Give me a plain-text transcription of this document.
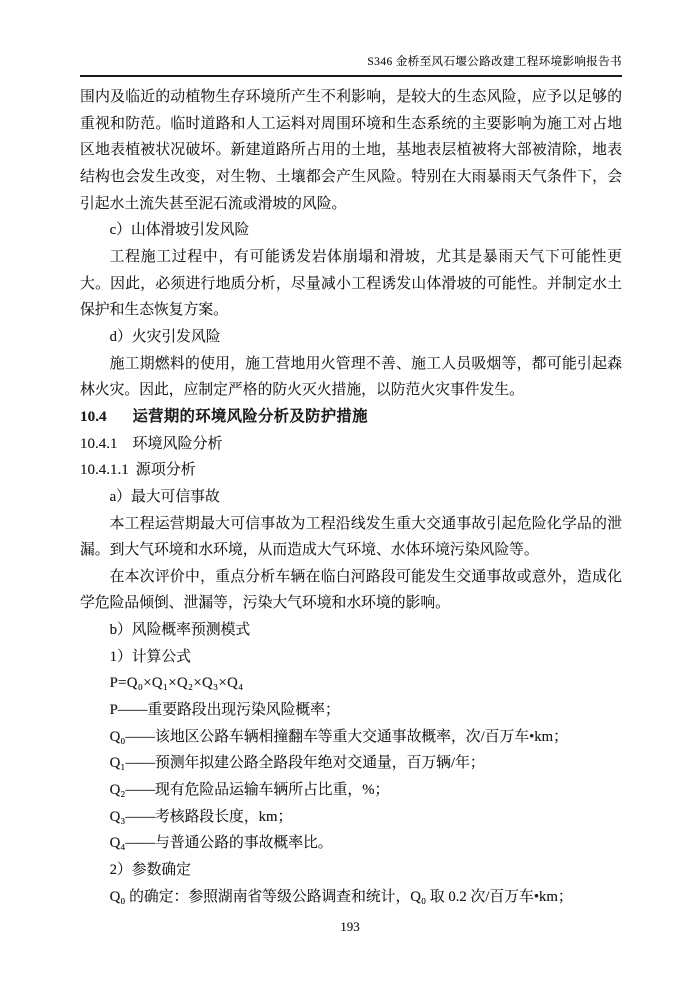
S346 金桥至风石堰公路改建工程环境影响报告书

围内及临近的动植物生存环境所产生不利影响，是较大的生态风险，应予以足够的重视和防范。临时道路和人工运料对周围环境和生态系统的主要影响为施工对占地区地表植被状况破坏。新建道路所占用的土地，基地表层植被将大部被清除，地表结构也会发生改变，对生物、土壤都会产生风险。特别在大雨暴雨天气条件下，会引起水土流失甚至泥石流或滑坡的风险。

c）山体滑坡引发风险

工程施工过程中，有可能诱发岩体崩塌和滑坡，尤其是暴雨天气下可能性更大。因此，必须进行地质分析，尽量减小工程诱发山体滑坡的可能性。并制定水土保护和生态恢复方案。

d）火灾引发风险

施工期燃料的使用，施工营地用火管理不善、施工人员吸烟等，都可能引起森林火灾。因此，应制定严格的防火灭火措施，以防范火灾事件发生。

10.4 运营期的环境风险分析及防护措施
10.4.1 环境风险分析
10.4.1.1 源项分析

a）最大可信事故

本工程运营期最大可信事故为工程沿线发生重大交通事故引起危险化学品的泄漏。到大气环境和水环境，从而造成大气环境、水体环境污染风险等。

在本次评价中，重点分析车辆在临白河路段可能发生交通事故或意外，造成化学危险品倾倒、泄漏等，污染大气环境和水环境的影响。

b）风险概率预测模式

1）计算公式

P=Q₀×Q₁×Q₂×Q₃×Q₄

P——重要路段出现污染风险概率；

Q₀——该地区公路车辆相撞翻车等重大交通事故概率，次/百万车•km；

Q₁——预测年拟建公路全路段年绝对交通量，百万辆/年；

Q₂——现有危险品运输车辆所占比重，%；

Q₃——考核路段长度，km；

Q₄——与普通公路的事故概率比。

2）参数确定

Q₀ 的确定：参照湖南省等级公路调查和统计，Q₀ 取 0.2 次/百万车•km；

193
